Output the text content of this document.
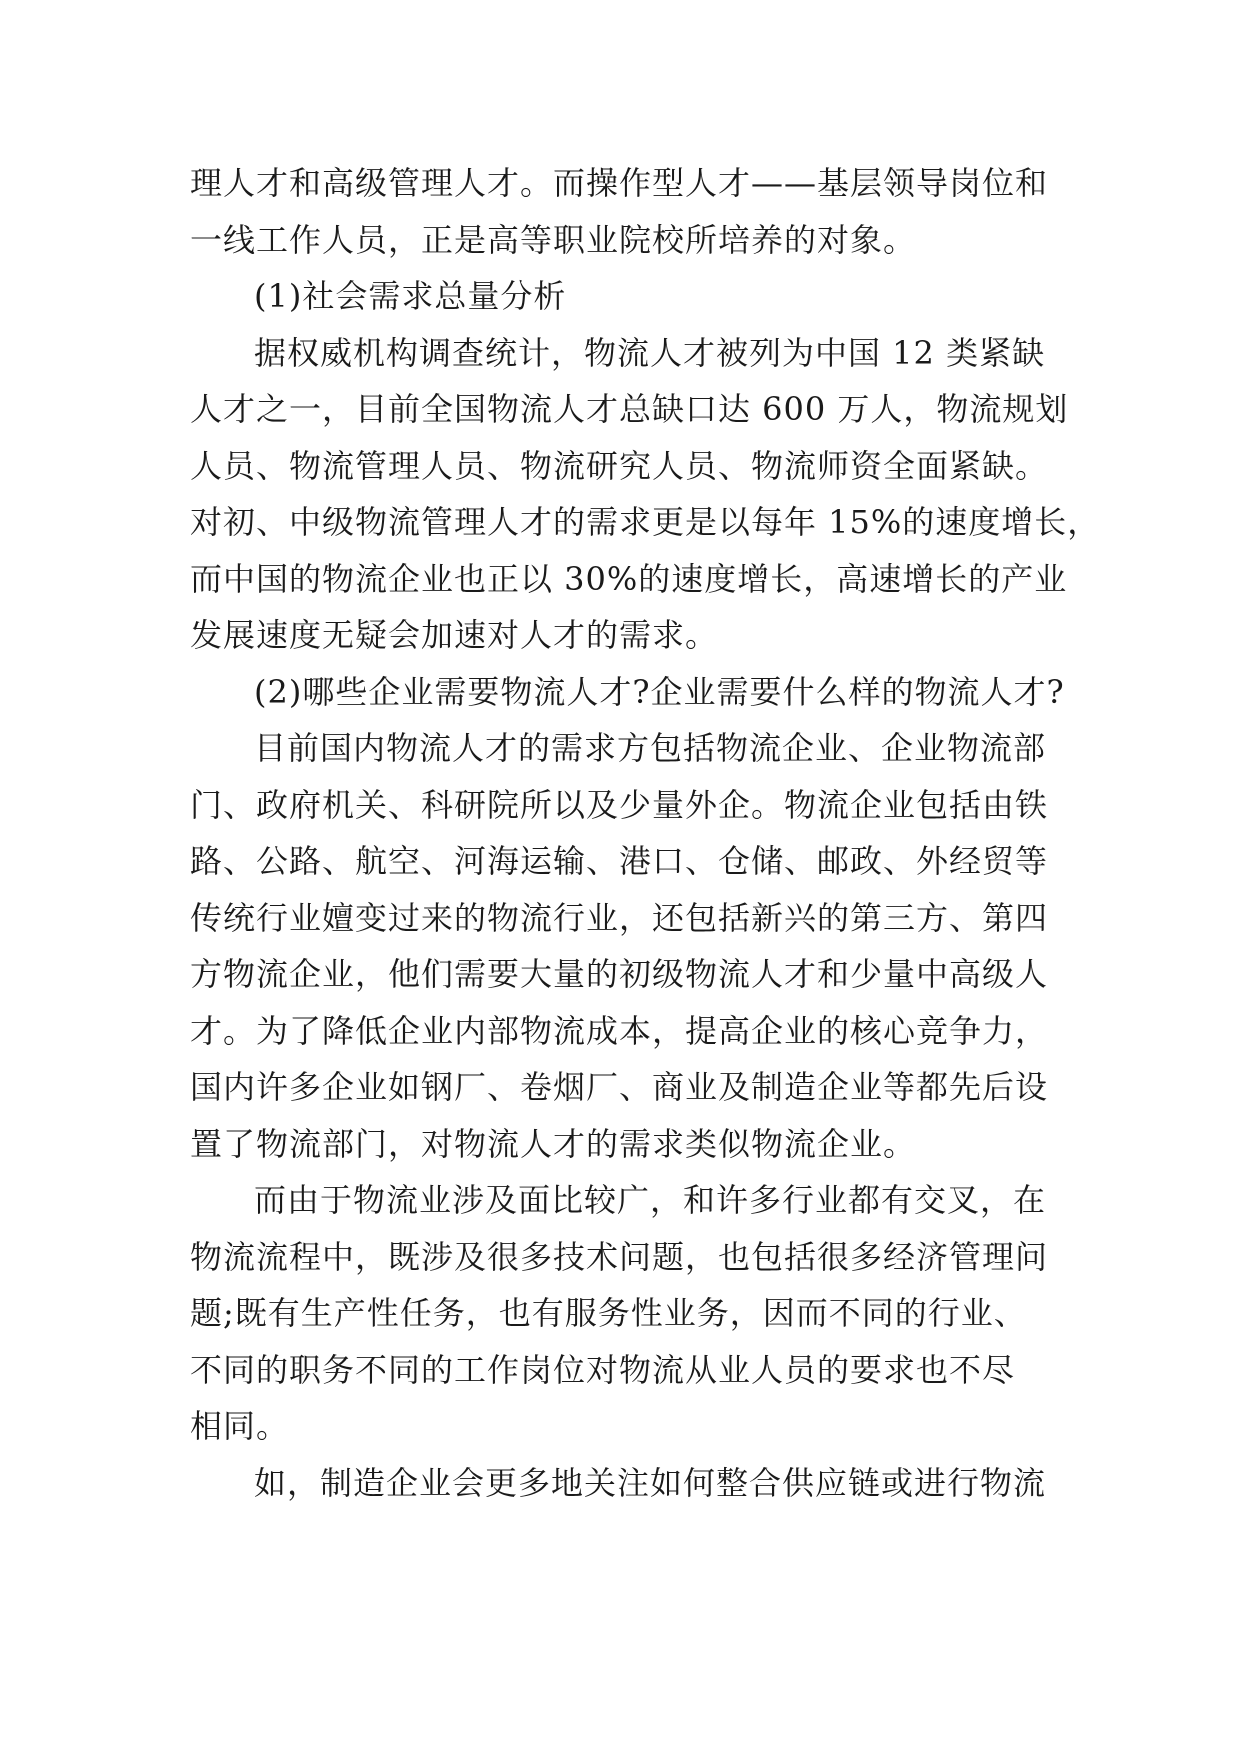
理人才和高级管理人才。而操作型人才——基层领导岗位和
一线工作人员，正是高等职业院校所培养的对象。
(1)社会需求总量分析
据权威机构调查统计，物流人才被列为中国 12 类紧缺
人才之一，目前全国物流人才总缺口达 600 万人，物流规划
人员、物流管理人员、物流研究人员、物流师资全面紧缺。
对初、中级物流管理人才的需求更是以每年 15%的速度增长，
而中国的物流企业也正以 30%的速度增长，高速增长的产业
发展速度无疑会加速对人才的需求。
(2)哪些企业需要物流人才?企业需要什么样的物流人才?
目前国内物流人才的需求方包括物流企业、企业物流部
门、政府机关、科研院所以及少量外企。物流企业包括由铁
路、公路、航空、河海运输、港口、仓储、邮政、外经贸等
传统行业嬗变过来的物流行业，还包括新兴的第三方、第四
方物流企业，他们需要大量的初级物流人才和少量中高级人
才。为了降低企业内部物流成本，提高企业的核心竞争力，
国内许多企业如钢厂、卷烟厂、商业及制造企业等都先后设
置了物流部门，对物流人才的需求类似物流企业。
而由于物流业涉及面比较广，和许多行业都有交叉，在
物流流程中，既涉及很多技术问题，也包括很多经济管理问
题;既有生产性任务，也有服务性业务，因而不同的行业、
不同的职务不同的工作岗位对物流从业人员的要求也不尽
相同。
如，制造企业会更多地关注如何整合供应链或进行物流
